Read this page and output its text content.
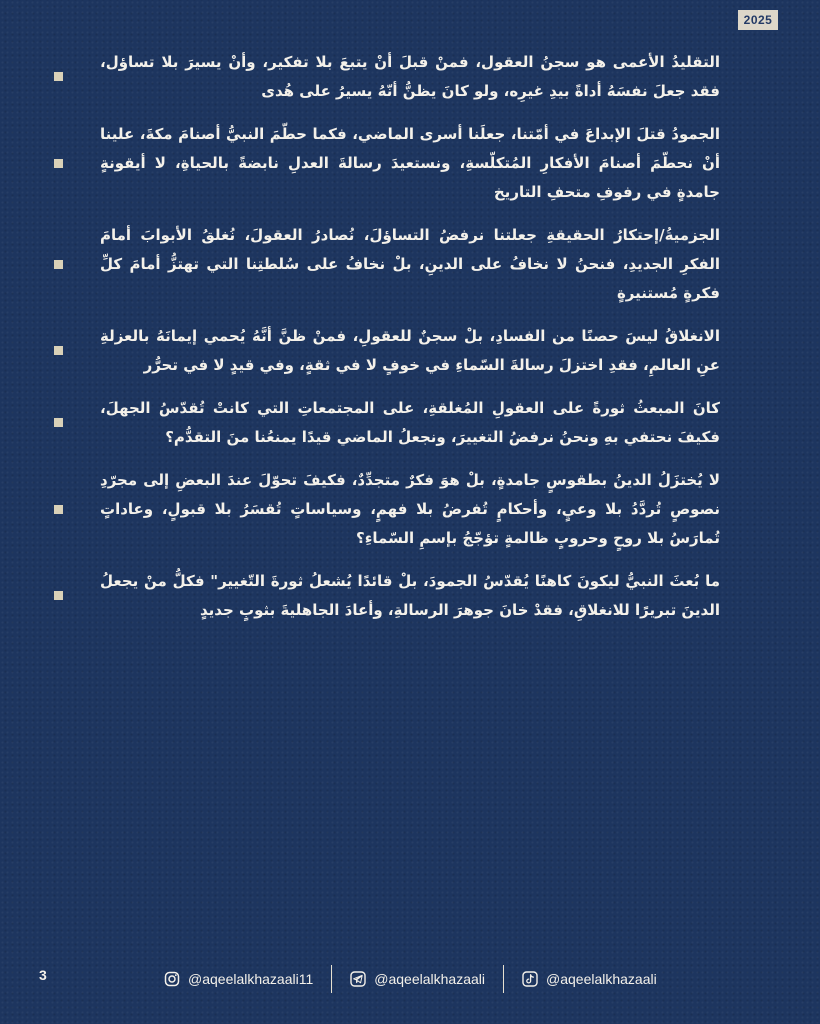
2025

التقليدُ الأعمى هو سجنُ العقول، فمنْ قبلَ أنْ يتبعَ بلا تفكير، وأنْ يسيرَ بلا تساؤل، فقد جعلَ نفسَهُ أداةً بيدِ غيرِه، ولو كانَ يظنُّ أنّهُ يسيرُ على هُدى

الجمودُ قتلَ الإبداعَ في أمّتنا، جعلَنا أسرى الماضي، فكما حطّمَ النبيُّ أصنامَ مكةَ، علينا أنْ نحطّمَ أصنامَ الأفكارِ المُتكلّسةِ، ونستعيدَ رسالةَ العدلِ نابضةً بالحياةِ، لا أيقونةٍ جامدةٍ في رفوفِ متحفِ التاريخ

الجزميةُ/إحتكارُ الحقيقةِ جعلتنا نرفضُ التساؤلَ، نُصادرُ العقولَ، نُغلقُ الأبوابَ أمامَ الفكرِ الجديدِ، فنحنُ لا نخافُ على الدينِ، بلْ نخافُ على سُلطتِنا التي تهتزُّ أمامَ كلِّ فكرةٍ مُستنيرةٍ

الانغلاقُ ليسَ حصنًا من الفسادِ، بلْ سجنٌ للعقولِ، فمنْ ظنَّ أنَّهُ يُحمي إيمانَهُ بالعزلةِ عنِ العالمِ، فقدِ اختزلَ رسالةَ السّماءِ في خوفٍ لا في ثقةٍ، وفي قيدٍ لا في تحرُّر

كانَ المبعثُ ثورةً على العقولِ المُغلقةِ، على المجتمعاتِ التي كانتْ تُقدّسُ الجهلَ، فكيفَ نحتفي بهِ ونحنُ نرفضُ التغييرَ، ونجعلُ الماضي قيدًا يمنعُنا منَ التقدُّم؟

لا يُختزَلُ الدينُ بطقوسٍ جامدةٍ، بلْ هوَ فكرٌ متجدِّدٌ، فكيفَ تحوّلَ عندَ البعضِ إلى مجرّدِ نصوصٍ تُردَّدُ بلا وعيٍ، وأحكامٍ تُفرضُ بلا فهمٍ، وسياساتٍ تُقسَرُ بلا قبولٍ، وعاداتٍ تُمارَسُ بلا روحٍ وحروبٍ ظالمةٍ تؤجّجُ بإسمِ السّماءِ؟

ما بُعثَ النبيُّ ليكونَ كاهنًا يُقدّسُ الجمودَ، بلْ قائدًا يُشعلُ ثورةَ التّغيير" فكلُّ منْ يجعلُ الدينَ تبريرًا للانغلاقِ، فقدْ خانَ جوهرَ الرسالةِ، وأعادَ الجاهليةَ بثوبٍ جديدٍ

3	@aqeelalkhazaali11	@aqeelalkhazaali	@aqeelalkhazaali
